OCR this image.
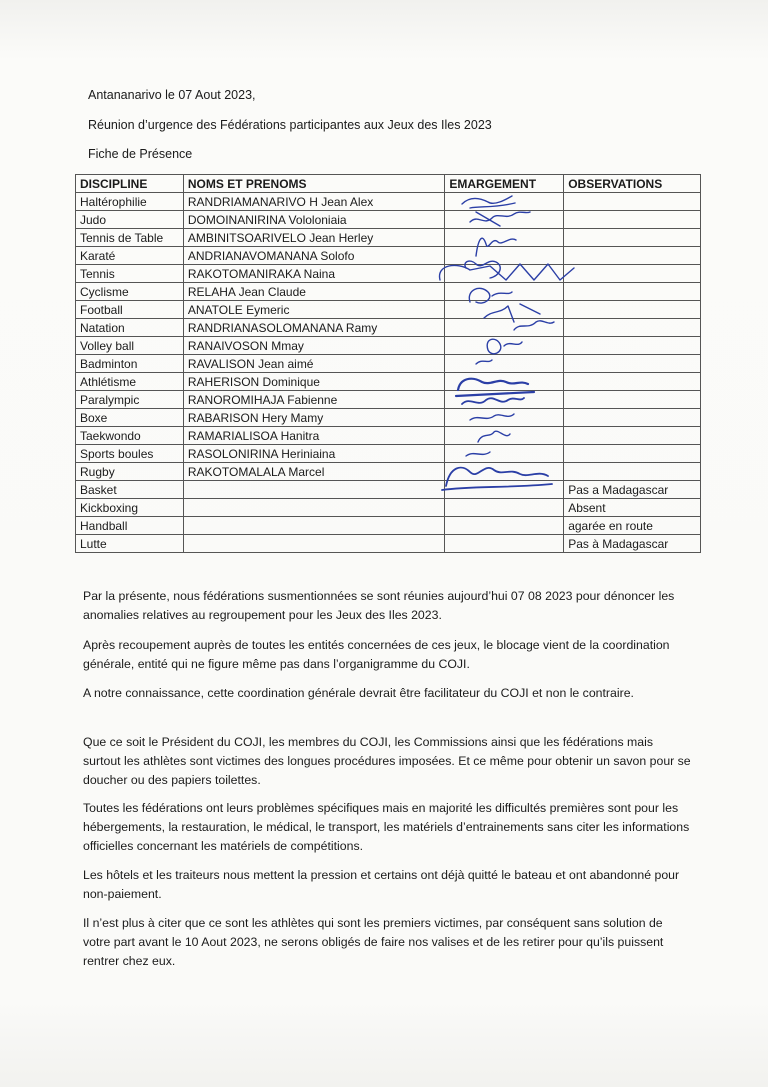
Antananarivo le 07 Aout 2023,
Réunion d’urgence des Fédérations participantes aux Jeux des Iles 2023
Fiche de Présence
DISCIPLINE	NOMS ET PRENOMS	EMARGEMENT	OBSERVATIONS
Haltérophilie	RANDRIAMANARIVO H Jean Alex		
Judo	DOMOINANIRINA Vololoniaia		
Tennis de Table	AMBINITSOARIVELO Jean Herley		
Karaté	ANDRIANAVOMANANA Solofo		
Tennis	RAKOTOMANIRAKA Naina		
Cyclisme	RELAHA Jean Claude		
Football	ANATOLE Eymeric		
Natation	RANDRIANASOLOMANANA Ramy		
Volley ball	RANAIVOSON Mmay		
Badminton	RAVALISON Jean aimé		
Athlétisme	RAHERISON Dominique		
Paralympic	RANOROMIHAJA Fabienne		
Boxe	RABARISON Hery Mamy		
Taekwondo	RAMARIALISOA Hanitra		
Sports boules	RASOLONIRINA Heriniaina		
Rugby	RAKOTOMALALA Marcel		
Basket			Pas a Madagascar
Kickboxing			Absent
Handball			agarée en route
Lutte			Pas à Madagascar

Par la présente, nous fédérations susmentionnées se sont réunies aujourd’hui 07 08 2023 pour dénoncer les anomalies relatives au regroupement pour les Jeux des Iles 2023.

Après recoupement auprès de toutes les entités concernées de ces jeux, le blocage vient de la coordination générale, entité qui ne figure même pas dans l’organigramme du COJI.

A notre connaissance, cette coordination générale devrait être facilitateur du COJI et non le contraire.

Que ce soit le Président du COJI, les membres du COJI, les Commissions ainsi que les fédérations mais surtout les athlètes sont victimes des longues procédures imposées. Et ce même pour obtenir un savon pour se doucher ou des papiers toilettes.

Toutes les fédérations ont leurs problèmes spécifiques mais en majorité les difficultés premières sont pour les hébergements, la restauration, le médical, le transport, les matériels d’entrainements sans citer les informations officielles concernant les matériels de compétitions.

Les hôtels et les traiteurs nous mettent la pression et certains ont déjà quitté le bateau et ont abandonné pour non-paiement.

Il n’est plus à citer que ce sont les athlètes qui sont les premiers victimes, par conséquent sans solution de votre part avant le 10 Aout 2023, ne serons obligés de faire nos valises et de les retirer pour qu’ils puissent rentrer chez eux.
